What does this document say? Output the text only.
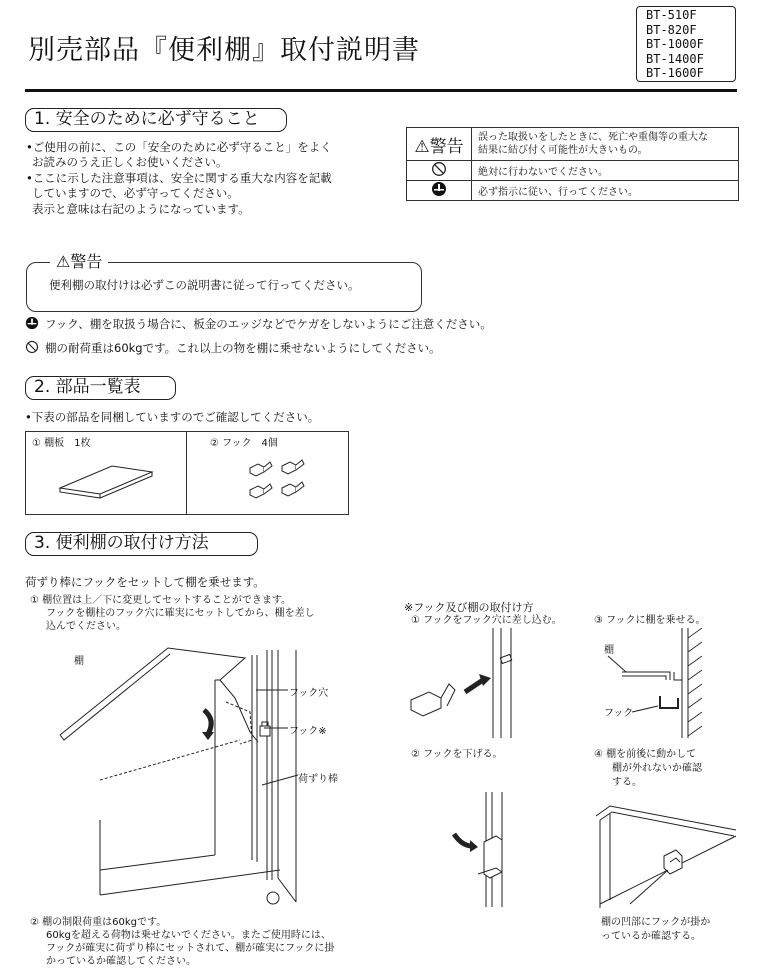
別売部品『便利棚』取付説明書
BT-510F
BT-820F
BT-1000F
BT-1400F
BT-1600F
1. 安全のために必ず守ること
•ご使用の前に、この「安全のために必ず守ること」をよく
お読みのうえ正しくお使いください。
•ここに示した注意事項は、安全に関する重大な内容を記載
していますので、必ず守ってください。
表示と意味は右記のようになっています。
⚠警告	誤った取扱いをしたときに、死亡や重傷等の重大な
結果に結び付く可能性が大きいもの。

	絶対に行わないでください。
	必ず指示に従い、行ってください。
⚠警告
便利棚の取付けは必ずこの説明書に従って行ってください。
フック、棚を取扱う場合に、板金のエッジなどでケガをしないようにご注意ください。
棚の耐荷重は60kgです。これ以上の物を棚に乗せないようにしてください。
2. 部品一覧表
•下表の部品を同梱していますのでご確認してください。
① 棚板　1枚	② フック　4個
3. 便利棚の取付け方法
荷ずり棒にフックをセットして棚を乗せます。
① 棚位置は上／下に変更してセットすることができます。
フックを棚柱のフック穴に確実にセットしてから、棚を差し
込んでください。
棚
フック穴
フック※
荷ずり棒
② 棚の制限荷重は60kgです。
60kgを超える荷物は乗せないでください。またご使用時には、
フックが確実に荷ずり棒にセットされて、棚が確実にフックに掛
かっているか確認してください。
※フック及び棚の取付け方
① フックをフック穴に差し込む。	③ フックに棚を乗せる。
棚
フック
② フックを下げる。	④ 棚を前後に動かして
棚が外れないか確認
する。
棚の凹部にフックが掛か
っているか確認する。
